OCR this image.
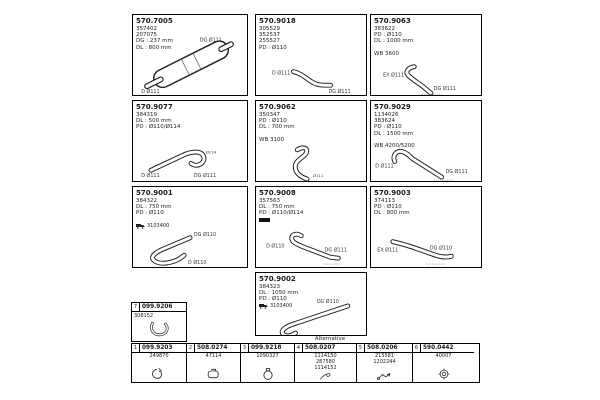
570.7005
357402
207075
DG : 237 mm
DL : 800 mm
DG Ø111
D Ø111
570.9018
305529
352537
255527
PD : Ø110
D Ø111
DG Ø111
570.9063
383622
PD : Ø110
DL : 1000 mm
WB 3600
EX Ø111
DG Ø111
570.9077
384319
DL : 500 mm
PD : Ø110/Ø114
D Ø111	DG Ø111
Ø114
570.9062
350347
PD : Ø110
DL : 700 mm
WB 3100
Ø111
570.9029
1134026
383624
PD : Ø110
DL : 1500 mm
WB 4200/5200
D Ø111
DG Ø111
570.9001
384322
DL : 750 mm
PD : Ø110
3103400
DG Ø110
D Ø110
570.9008
357563
DL : 750 mm
PD : Ø110/Ø114
D Ø110
DG Ø111
570.9003
374113
PD : Ø110
DL : 800 mm
EX Ø111	DG Ø110
570.9002
384323
DL : 1050 mm
PD : Ø110
3103400
DG Ø110
7 099.9206
308152
Alternative
1 099.9203
249870
2 508.0274
47114
3 099.9218
1090327
4 508.0207
1114150
287580
1114152
5 508.0206
215581
1202244
6 590.0442
40007
